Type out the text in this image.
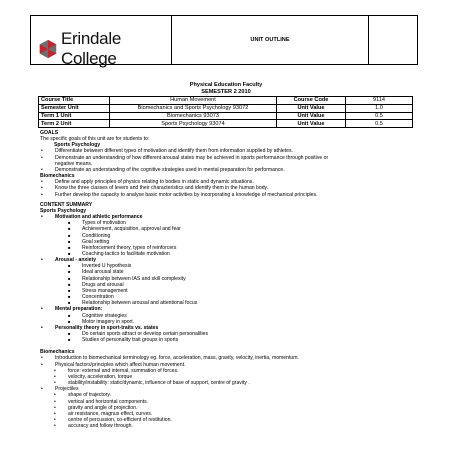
Erindale College
	UNIT OUTLINE	
Physical Education Faculty
SEMESTER 2 2010
Course Title	Human Movement	Course Code	9114
Semester Unit	Biomechanics and Sports Psychology 93072	Unit Value	1.0
Term 1 Unit	Biomechanics 93073	Unit Value	0.5
Term 2 Unit	Sports Psychology 93074	Unit Value	0.5
GOALS
The specific goals of this unit are for students to:
Sports Psychology
•	Differentiate between different types of motivation and identify them from information supplied by athletes.
•	Demonstrate an understanding of how different arousal states may be achieved in sports performance through positive or
negative means.
•	Demonstrate an understanding of the cognitive strategies used in mental preparation for performance.
Biomechanics
•	Define and apply principles of physics relating to bodies in static and dynamic situations.
•	Know the three classes of levers and their characteristics and identify them in the human body.
•	Further develop the capacity to analyse basic motor activities by incorporating a knowledge of mechanical principles.
CONTENT SUMMARY
Sports Psychology
•	Motivation and athletic performance
■	Types of motivation
■	Achievement, acquisition, approval and fear
■	Conditioning
■	Goal setting
■	Reinforcement theory, types of reinforcers
■	Coaching tactics to facilitate motivation
•	Arousal - anxiety
■	Inverted U hypothesis
■	Ideal arousal state
■	Relationship between IAS and skill complexity
■	Drugs and arousal
■	Stress management
■	Concentration
■	Relationship between arousal and attentional focus
•	Mental preparation:
■	Cognitive strategies
■	Motor imagery in sport.
•	Personality theory in sport-traits vs. states
■	Do certain sports attract or develop certain personalities
■	Studies of personality trait groups in sports
Biomechanics
•	Introduction to biomechanical terminology eg. force, acceleration, mass, gravity, velocity, inertia, momentum.
•	Physical factors/principles which affect human movement.
•	force: external and internal, summation of forces.
•	velocity, acceleration, torque
•	stability/instability: static/dynamic, influence of base of support, centre of gravity .
•	Projectiles
•	shape of trajectory.
•	vertical and horizontal components.
•	gravity and angle of projection.
•	air resistance, magnus effect, curves.
•	centre of percussion, co-efficient of restitution.
•	accuracy and follow through.
